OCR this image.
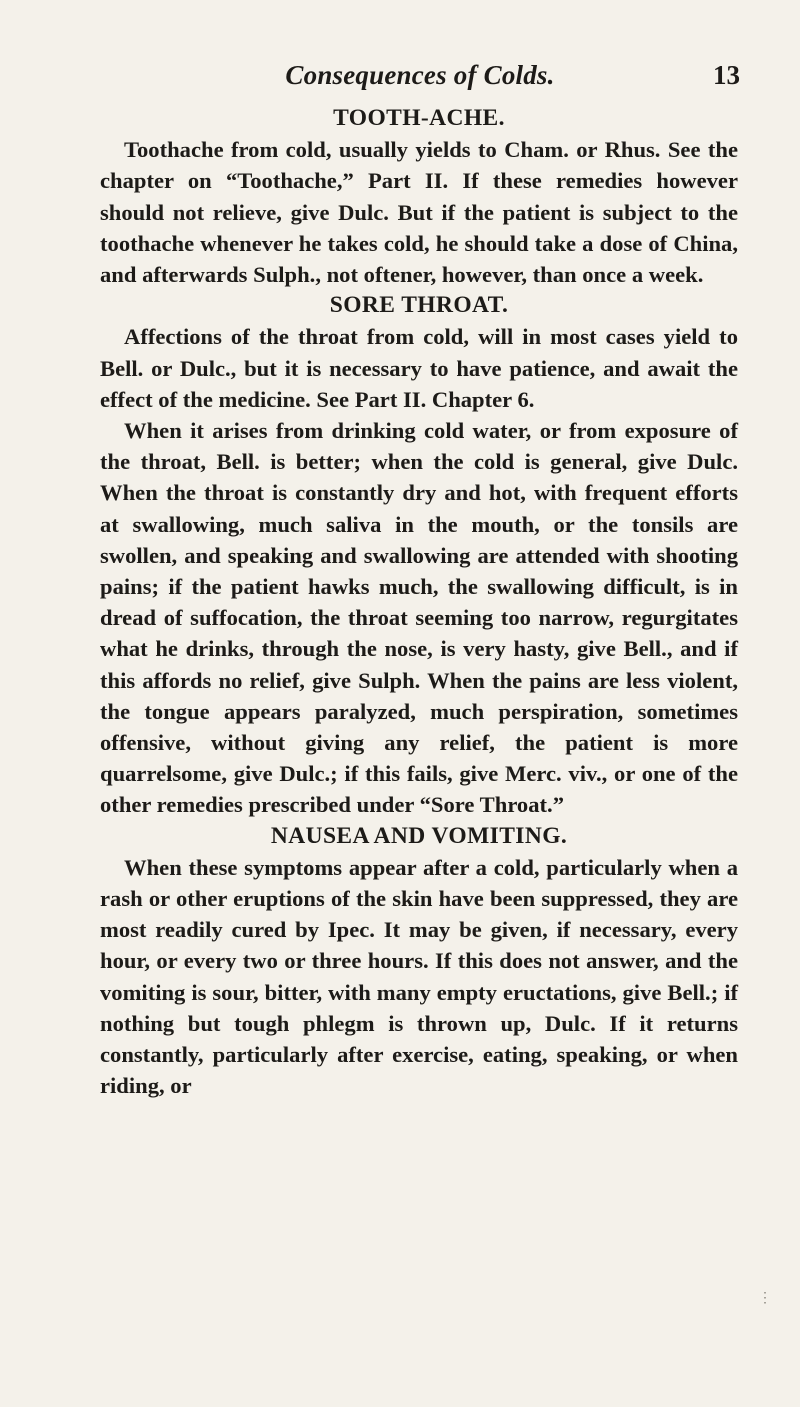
Consequences of Colds.	13
TOOTH-ACHE.

Toothache from cold, usually yields to Cham. or Rhus. See the chapter on “Toothache,” Part II. If these remedies however should not relieve, give Dulc. But if the patient is subject to the toothache whenever he takes cold, he should take a dose of China, and afterwards Sulph., not oftener, however, than once a week.

SORE THROAT.

Affections of the throat from cold, will in most cases yield to Bell. or Dulc., but it is necessary to have patience, and await the effect of the medicine. See Part II. Chapter 6.

When it arises from drinking cold water, or from exposure of the throat, Bell. is better; when the cold is general, give Dulc. When the throat is constantly dry and hot, with frequent efforts at swallowing, much saliva in the mouth, or the tonsils are swollen, and speaking and swallowing are attended with shooting pains; if the patient hawks much, the swallowing difficult, is in dread of suffocation, the throat seeming too narrow, regurgitates what he drinks, through the nose, is very hasty, give Bell., and if this affords no relief, give Sulph. When the pains are less violent, the tongue appears paralyzed, much perspiration, sometimes offensive, without giving any relief, the patient is more quarrelsome, give Dulc.; if this fails, give Merc. viv., or one of the other remedies prescribed under “Sore Throat.”

NAUSEA AND VOMITING.

When these symptoms appear after a cold, particularly when a rash or other eruptions of the skin have been suppressed, they are most readily cured by Ipec. It may be given, if necessary, every hour, or every two or three hours. If this does not answer, and the vomiting is sour, bitter, with many empty eructations, give Bell.; if nothing but tough phlegm is thrown up, Dulc. If it returns constantly, particularly after exercise, eating, speaking, or when riding, or

⋮
